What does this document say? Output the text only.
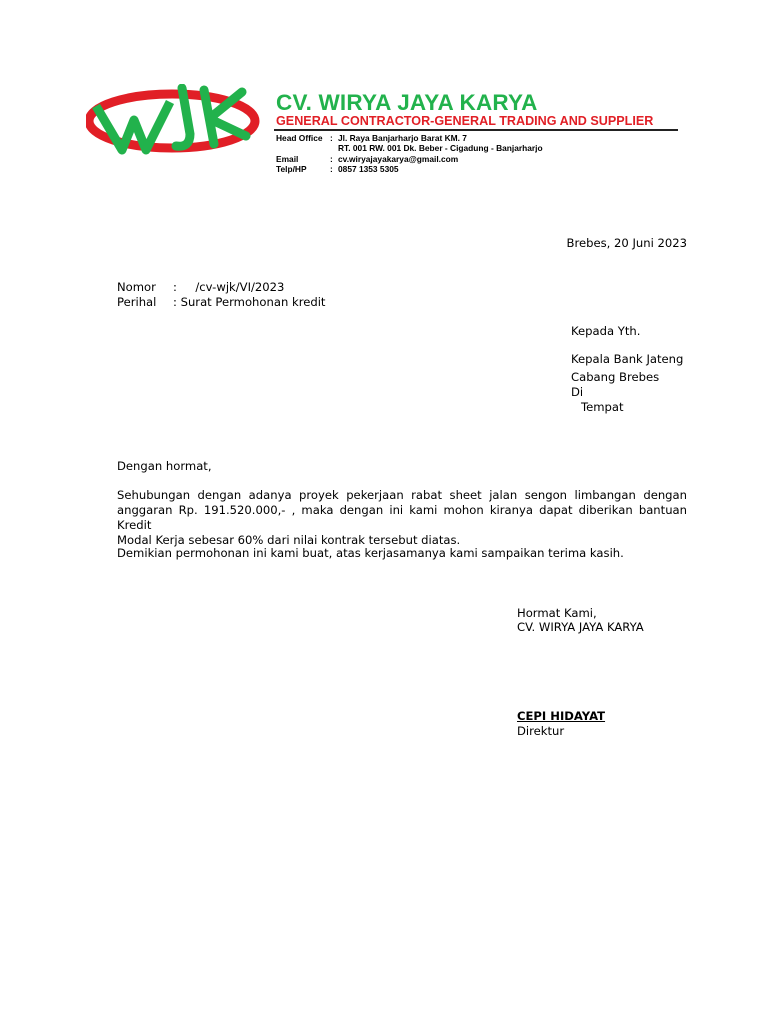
CV. WIRYA JAYA KARYA
GENERAL CONTRACTOR-GENERAL TRADING AND SUPPLIER
Head Office : Jl. Raya Banjarharjo Barat KM. 7
RT. 001 RW. 001 Dk. Beber - Cigadung - Banjarharjo
Email	: cv.wiryajayakarya@gmail.com
Telp/HP	: 0857 1353 5305
Brebes, 20 Juni 2023
Nomor	:     /cv-wjk/VI/2023
Perihal	: Surat Permohonan kredit
Kepada Yth.
Kepala Bank Jateng
Cabang Brebes
Di
Tempat
Dengan hormat,
Sehubungan dengan adanya proyek pekerjaan rabat sheet jalan sengon limbangan dengan
anggaran Rp. 191.520.000,- , maka dengan ini kami mohon kiranya dapat diberikan bantuan Kredit
Modal Kerja sebesar 60% dari nilai kontrak tersebut diatas.
Demikian permohonan ini kami buat, atas kerjasamanya kami sampaikan terima kasih.
Hormat Kami,
CV. WIRYA JAYA KARYA
CEPI HIDAYAT
Direktur
